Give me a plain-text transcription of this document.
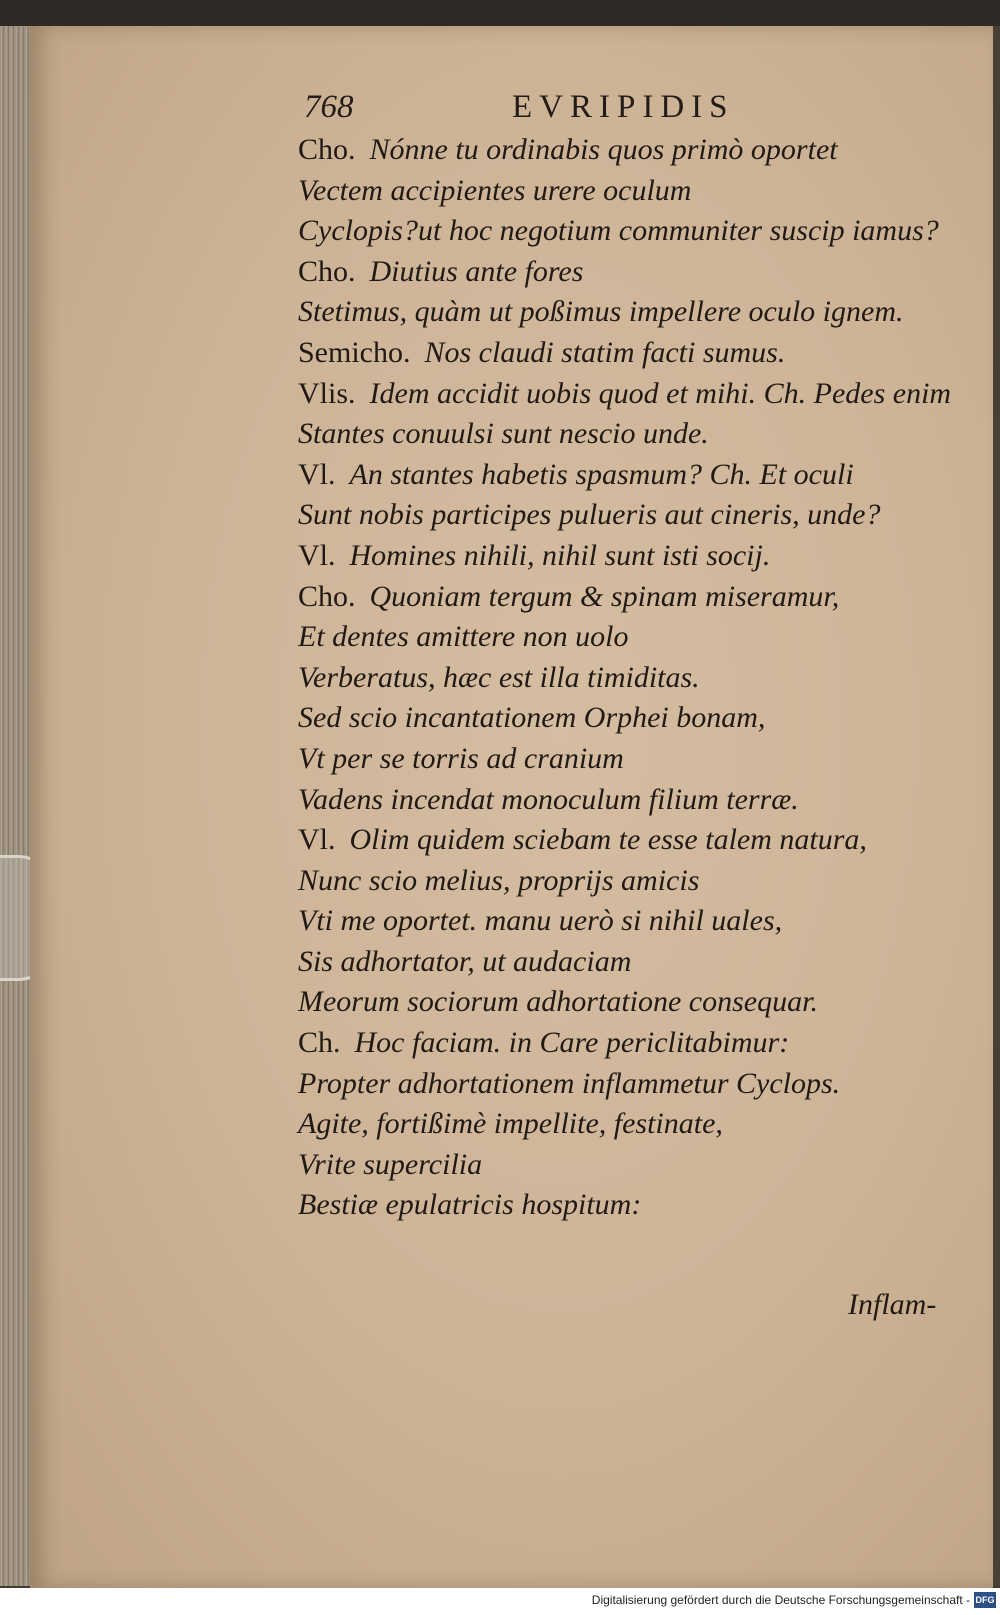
768	EVRIPIDIS
Cho. Nónne tu ordinabis quos primò oportet
Vectem accipientes urere oculum
Cyclopis?ut hoc negotium communiter suscip iamus?
Cho. Diutius ante fores
Stetimus, quàm ut poßimus impellere oculo ignem.
Semicho. Nos claudi statim facti sumus.
Vlis. Idem accidit uobis quod et mihi. Ch. Pedes enim
Stantes conuulsi sunt nescio unde.
Vl. An stantes habetis spasmum? Ch. Et oculi
Sunt nobis participes pulueris aut cineris, unde?
Vl. Homines nihili, nihil sunt isti socij.
Cho. Quoniam tergum & spinam miseramur,
Et dentes amittere non uolo
Verberatus, hæc est illa timiditas.
Sed scio incantationem Orphei bonam,
Vt per se torris ad cranium
Vadens incendat monoculum filium terræ.
Vl. Olim quidem sciebam te esse talem natura,
Nunc scio melius, proprijs amicis
Vti me oportet. manu uerò si nihil uales,
Sis adhortator, ut audaciam
Meorum sociorum adhortatione consequar.
Ch. Hoc faciam. in Care periclitabimur:
Propter adhortationem inflammetur Cyclops.
Agite, fortißimè impellite, festinate,
Vrite supercilia
Bestiæ epulatricis hospitum:
Inflam-
Digitalisierung gefördert durch die Deutsche Forschungsgemeinschaft - DFG
